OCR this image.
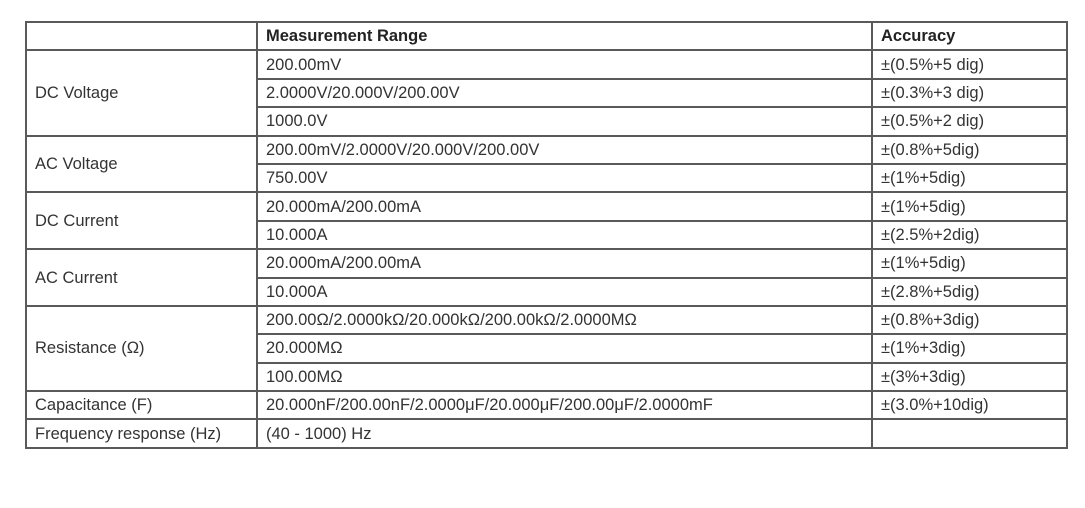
	Measurement Range	Accuracy
DC Voltage	200.00mV	±(0.5%+5 dig)
	2.0000V/20.000V/200.00V	±(0.3%+3 dig)
	1000.0V	±(0.5%+2 dig)
AC Voltage	200.00mV/2.0000V/20.000V/200.00V	±(0.8%+5dig)
	750.00V	±(1%+5dig)
DC Current	20.000mA/200.00mA	±(1%+5dig)
	10.000A	±(2.5%+2dig)
AC Current	20.000mA/200.00mA	±(1%+5dig)
	10.000A	±(2.8%+5dig)
Resistance (Ω)	200.00Ω/2.0000kΩ/20.000kΩ/200.00kΩ/2.0000MΩ	±(0.8%+3dig)
	20.000MΩ	±(1%+3dig)
	100.00MΩ	±(3%+3dig)
Capacitance (F)	20.000nF/200.00nF/2.0000μF/20.000μF/200.00μF/2.0000mF	±(3.0%+10dig)
Frequency response (Hz)	(40 - 1000) Hz	
